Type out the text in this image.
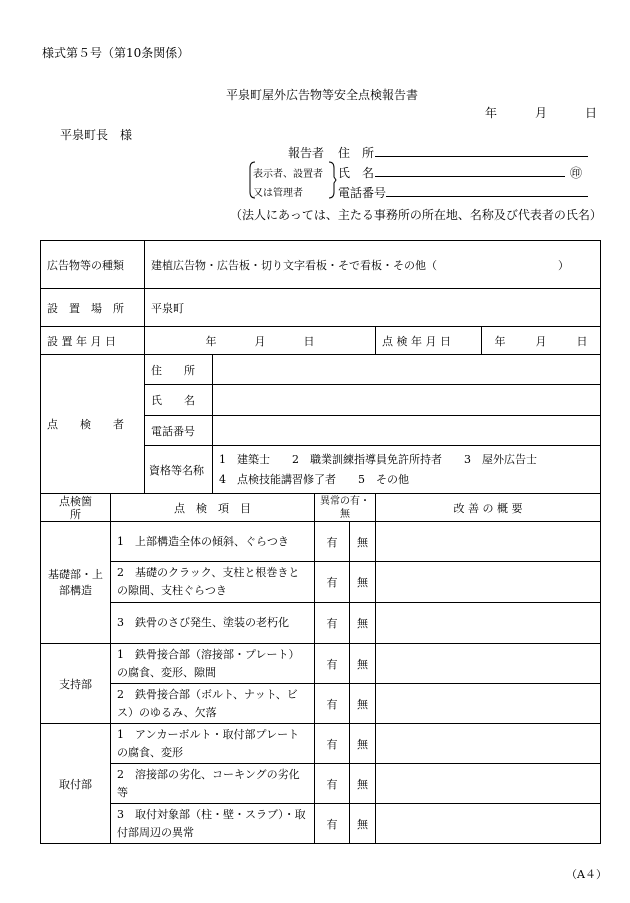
様式第５号（第10条関係）
平泉町屋外広告物等安全点検報告書
年	月	日
平泉町長　様
報告者 住　所
表示者、設置者
又は管理者
氏　名	㊞
電話番号
（法人にあっては、主たる事務所の所在地、名称及び代表者の氏名）
広告物等の種類		建植広告物・広告板・切り文字看板・そで看板・その他（　　　　　　　　　　　）					
設　置　場　所		平泉町					
設 置 年 月 日		年 月 日				点 検 年 月 日	年 月 日
点　　検　　者		住　　所					
		氏　　名					
		電話番号					
		資格等名称	1　建築士　　2　職業訓練指導員免許所持者　　3　屋外広告士
4　点検技能講習修了者　　5　その他				

点検箇所	点　検　項　目			異常の有・無		改 善 の 概 要	
基礎部・上部構造	1　上部構造全体の傾斜、ぐらつき			有	無		
	2　基礎のクラック、支柱と根巻きとの隙間、支柱ぐらつき			有	無		
	3　鉄骨のさび発生、塗装の老朽化			有	無		
支持部	1　鉄骨接合部（溶接部・プレート）の腐食、変形、隙間			有	無		
	2　鉄骨接合部（ボルト、ナット、ビス）のゆるみ、欠落			有	無		
取付部	1　アンカーボルト・取付部プレートの腐食、変形			有	無		
	2　溶接部の劣化、コーキングの劣化等			有	無		
	3　取付対象部（柱・壁・スラブ）・取付部周辺の異常			有	無		
（A４）
